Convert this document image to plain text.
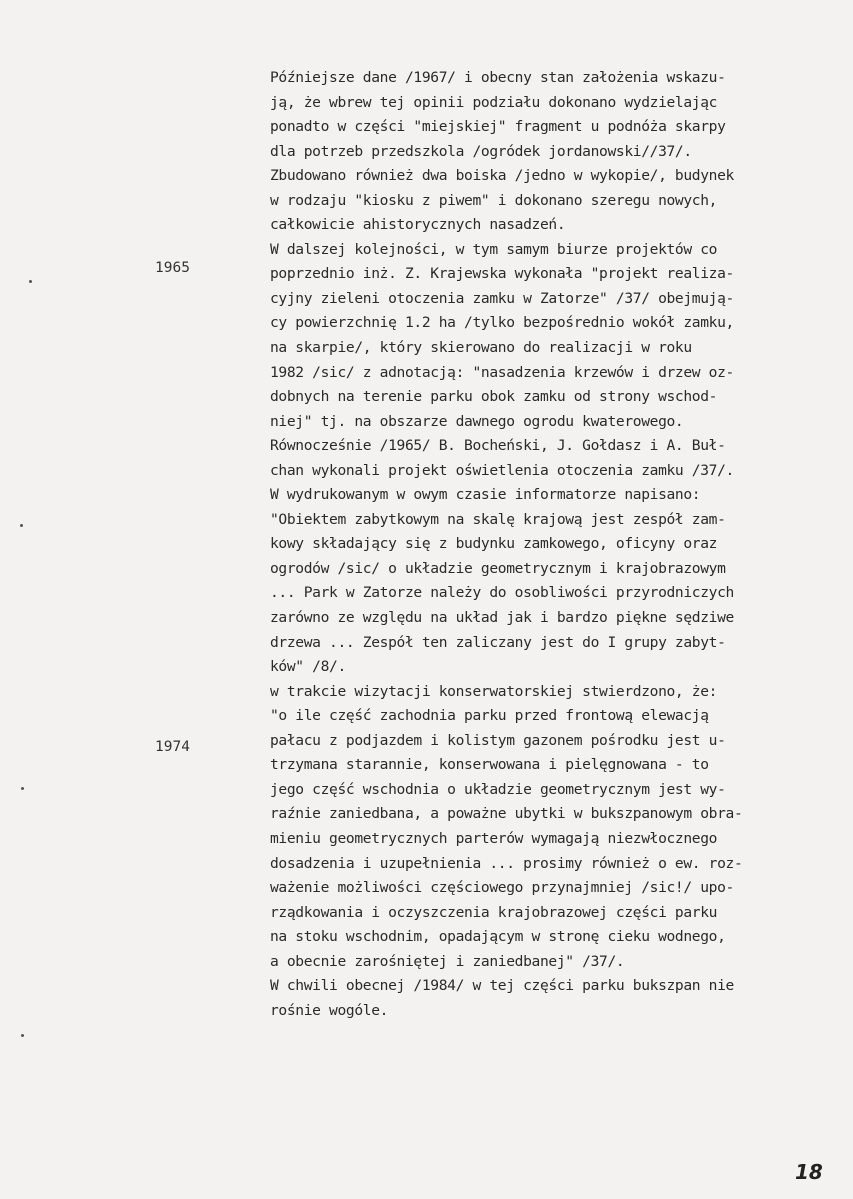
1965
1974
Późniejsze dane /1967/ i obecny stan założenia wskazu-
ją, że wbrew tej opinii podziału dokonano wydzielając
ponadto w części "miejskiej" fragment u podnóża skarpy
dla potrzeb przedszkola /ogródek jordanowski//37/.
Zbudowano również dwa boiska /jedno w wykopie/, budynek
w rodzaju "kiosku z piwem" i dokonano szeregu nowych,
całkowicie ahistorycznych nasadzeń.
W dalszej kolejności, w tym samym biurze projektów co
poprzednio inż. Z. Krajewska wykonała "projekt realiza-
cyjny zieleni otoczenia zamku w Zatorze" /37/ obejmują-
cy powierzchnię 1.2 ha /tylko bezpośrednio wokół zamku,
na skarpie/, który skierowano do realizacji w roku
1982 /sic/ z adnotacją: "nasadzenia krzewów i drzew oz-
dobnych na terenie parku obok zamku od strony wschod-
niej" tj. na obszarze dawnego ogrodu kwaterowego.
Równocześnie /1965/ B. Bocheński, J. Gołdasz i A. Buł-
chan wykonali projekt oświetlenia otoczenia zamku /37/.
W wydrukowanym w owym czasie informatorze napisano:
"Obiektem zabytkowym na skalę krajową jest zespół zam-
kowy składający się z budynku zamkowego, oficyny oraz
ogrodów /sic/ o układzie geometrycznym i krajobrazowym
... Park w Zatorze należy do osobliwości przyrodniczych
zarówno ze względu na układ jak i bardzo piękne sędziwe
drzewa ... Zespół ten zaliczany jest do I grupy zabyt-
ków" /8/.
w trakcie wizytacji konserwatorskiej stwierdzono, że:
"o ile część zachodnia parku przed frontową elewacją
pałacu z podjazdem i kolistym gazonem pośrodku jest u-
trzymana starannie, konserwowana i pielęgnowana - to
jego część wschodnia o układzie geometrycznym jest wy-
raźnie zaniedbana, a poważne ubytki w bukszpanowym obra-
mieniu geometrycznych parterów wymagają niezwłocznego
dosadzenia i uzupełnienia ... prosimy również o ew. roz-
ważenie możliwości częściowego przynajmniej /sic!/ upo-
rządkowania i oczyszczenia krajobrazowej części parku
na stoku wschodnim, opadającym w stronę cieku wodnego,
a obecnie zarośniętej i zaniedbanej" /37/.
W chwili obecnej /1984/ w tej części parku bukszpan nie
rośnie wogóle.
18
